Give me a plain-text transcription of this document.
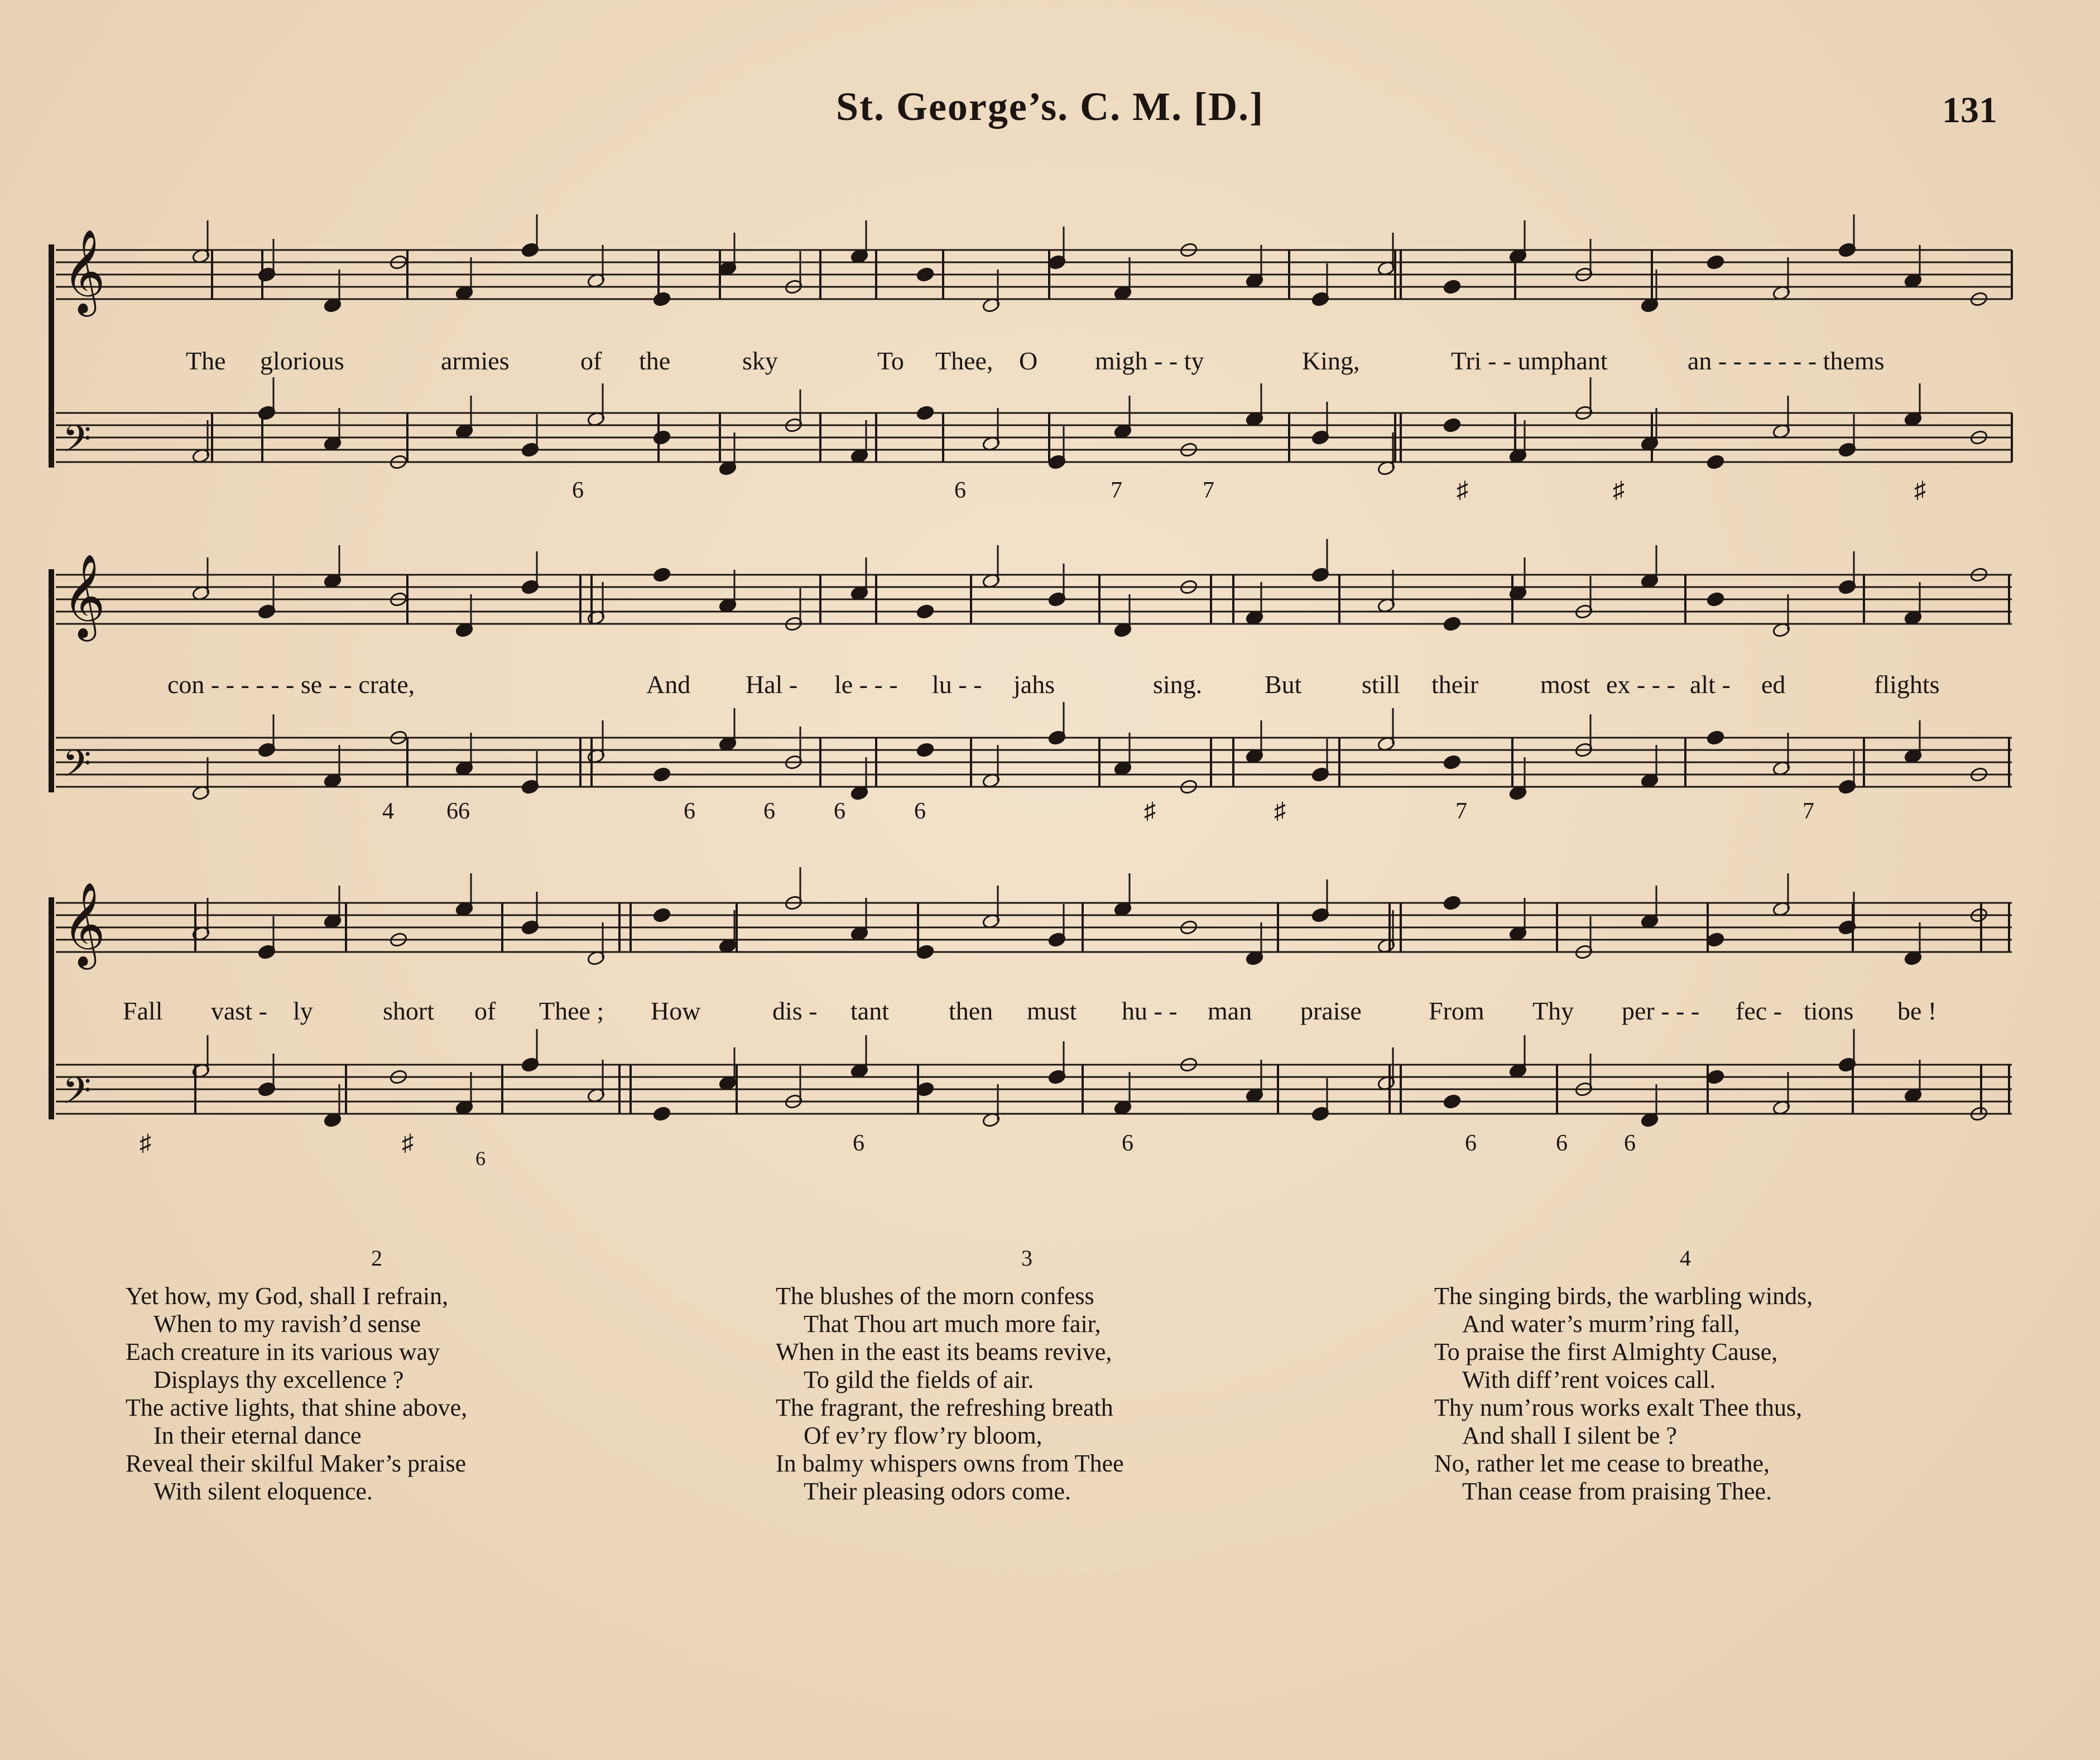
St. George’s. C. M. [D.]	131
𝄞
𝄢
𝄞
𝄢
𝄞
𝄢
The glorious	armies	of the	sky	To Thee, O migh - - ty	King,	Tri - - umphant	an - - - - - - - thems
6	6	7	7	♯	♯	♯
con - - - - - - se - - crate,	And Hal - le - - - lu - - jahs	sing. But still their most ex - - - alt - ed	flights
4 66	6	6	6	6	♯	♯	7	7
Fall vast - ly	short of Thee ; How	dis - tant then must hu - - man praise	From Thy per - - - fec - tions be !
♯	♯	6	6	6	6 6
6
2
Yet how, my God, shall I refrain,
When to my ravish’d sense
Each creature in its various way
Displays thy excellence ?
The active lights, that shine above,
In their eternal dance
Reveal their skilful Maker’s praise
With silent eloquence.
3
The blushes of the morn confess
That Thou art much more fair,
When in the east its beams revive,
To gild the fields of air.
The fragrant, the refreshing breath
Of ev’ry flow’ry bloom,
In balmy whispers owns from Thee
Their pleasing odors come.
4
The singing birds, the warbling winds,
And water’s murm’ring fall,
To praise the first Almighty Cause,
With diff’rent voices call.
Thy num’rous works exalt Thee thus,
And shall I silent be ?
No, rather let me cease to breathe,
Than cease from praising Thee.
